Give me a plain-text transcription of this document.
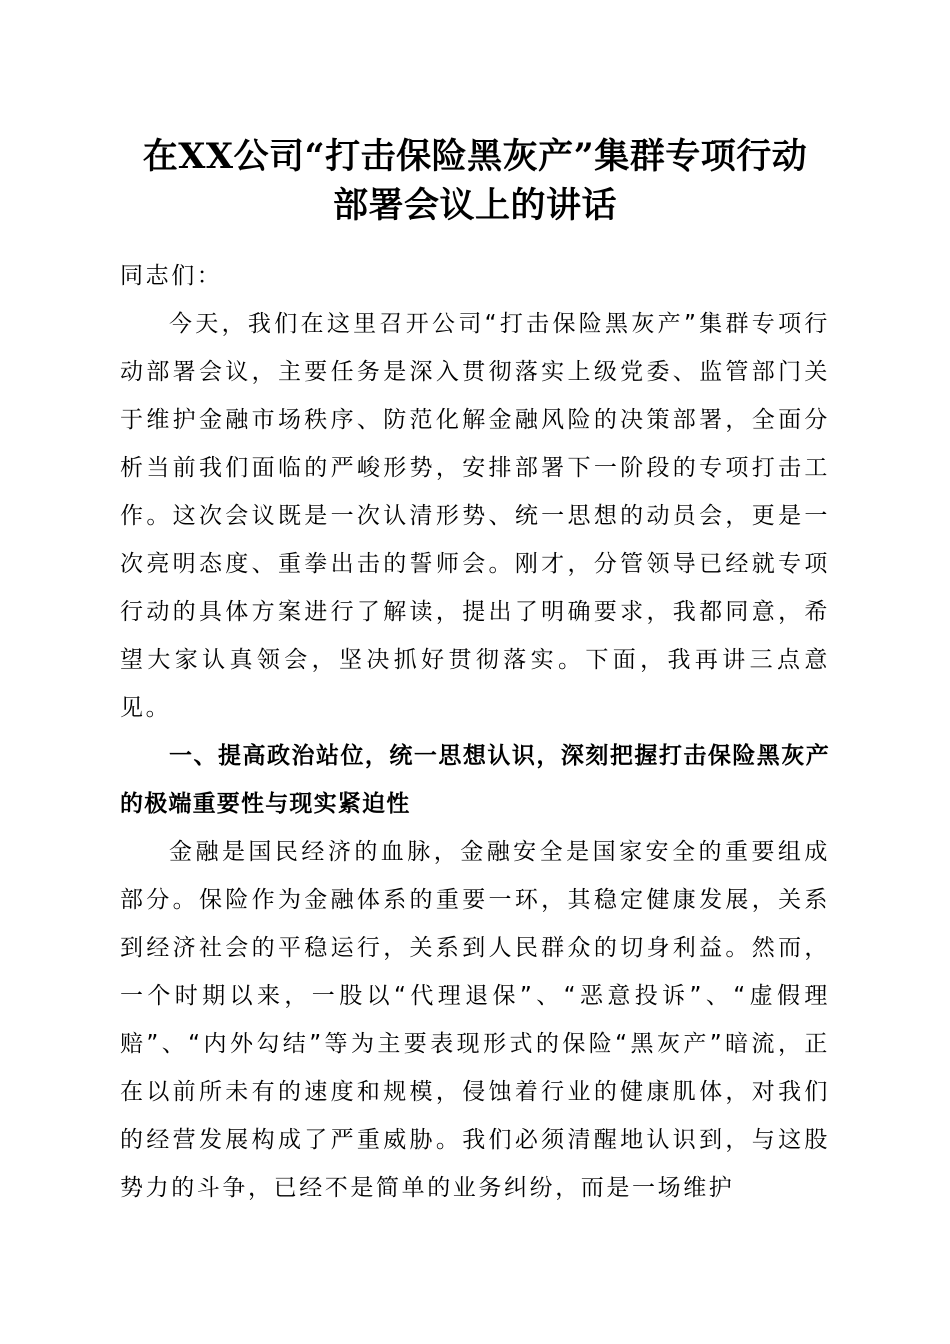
在XX公司“打击保险黑灰产”集群专项行动
部署会议上的讲话

同志们：

今天，我们在这里召开公司“打击保险黑灰产”集群专项行动部署会议，主要任务是深入贯彻落实上级党委、监管部门关于维护金融市场秩序、防范化解金融风险的决策部署，全面分析当前我们面临的严峻形势，安排部署下一阶段的专项打击工作。这次会议既是一次认清形势、统一思想的动员会，更是一次亮明态度、重拳出击的誓师会。刚才，分管领导已经就专项行动的具体方案进行了解读，提出了明确要求，我都同意，希望大家认真领会，坚决抓好贯彻落实。下面，我再讲三点意见。

一、提高政治站位，统一思想认识，深刻把握打击保险黑灰产的极端重要性与现实紧迫性

金融是国民经济的血脉，金融安全是国家安全的重要组成部分。保险作为金融体系的重要一环，其稳定健康发展，关系到经济社会的平稳运行，关系到人民群众的切身利益。然而，一个时期以来，一股以“代理退保”、“恶意投诉”、“虚假理赔”、“内外勾结”等为主要表现形式的保险“黑灰产”暗流，正在以前所未有的速度和规模，侵蚀着行业的健康肌体，对我们的经营发展构成了严重威胁。我们必须清醒地认识到，与这股势力的斗争，已经不是简单的业务纠纷，而是一场维护
